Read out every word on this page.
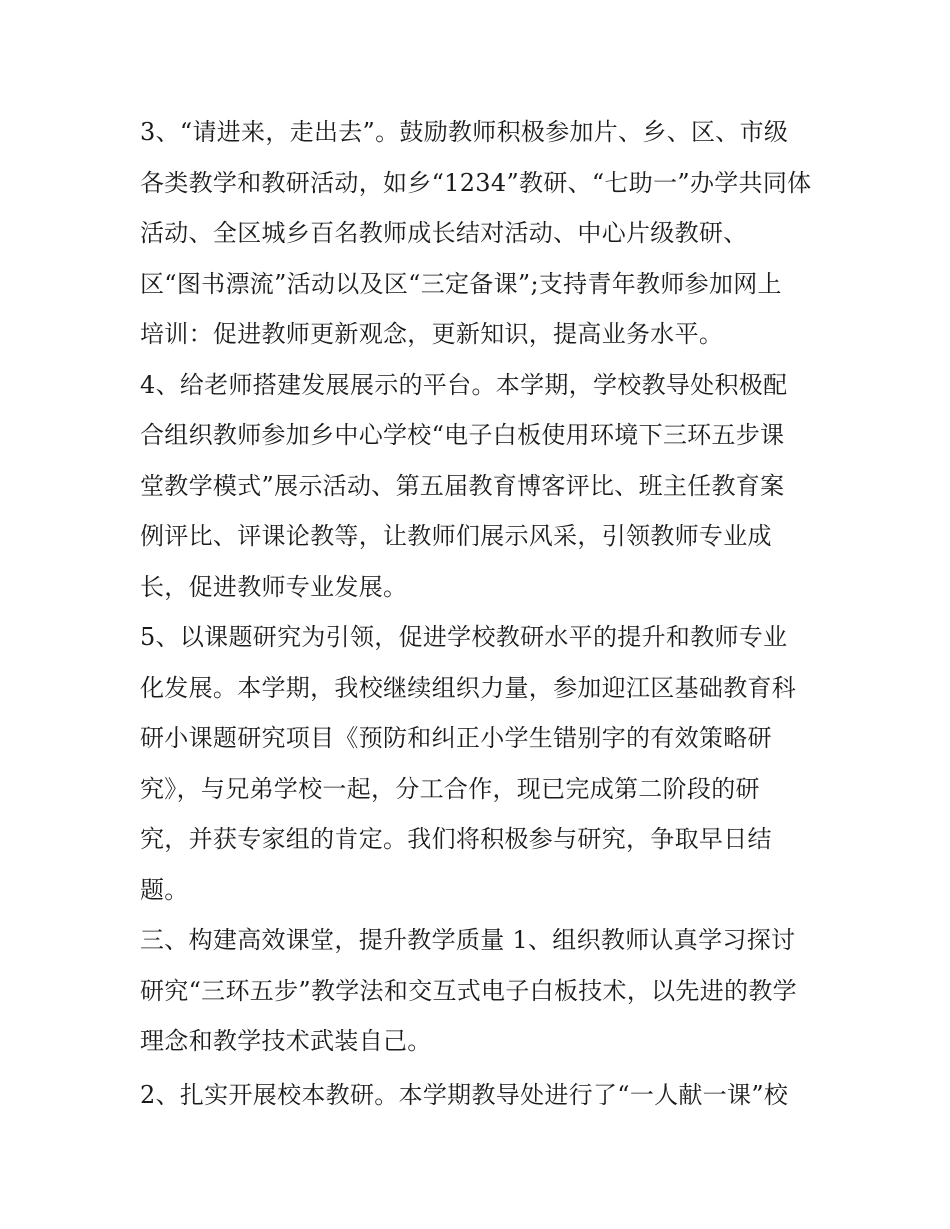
3、“请进来，走出去”。鼓励教师积极参加片、乡、区、市级
各类教学和教研活动，如乡“1234”教研、“七助一”办学共同体
活动、全区城乡百名教师成长结对活动、中心片级教研、
区“图书漂流”活动以及区“三定备课”;支持青年教师参加网上
培训：促进教师更新观念，更新知识，提高业务水平。
4、给老师搭建发展展示的平台。本学期，学校教导处积极配
合组织教师参加乡中心学校“电子白板使用环境下三环五步课
堂教学模式”展示活动、第五届教育博客评比、班主任教育案
例评比、评课论教等，让教师们展示风采，引领教师专业成
长，促进教师专业发展。
5、以课题研究为引领，促进学校教研水平的提升和教师专业
化发展。本学期，我校继续组织力量，参加迎江区基础教育科
研小课题研究项目《预防和纠正小学生错别字的有效策略研
究》，与兄弟学校一起，分工合作，现已完成第二阶段的研
究，并获专家组的肯定。我们将积极参与研究，争取早日结
题。
三、构建高效课堂，提升教学质量 1、组织教师认真学习探讨
研究“三环五步”教学法和交互式电子白板技术，以先进的教学
理念和教学技术武装自己。
2、扎实开展校本教研。本学期教导处进行了“一人献一课”校
